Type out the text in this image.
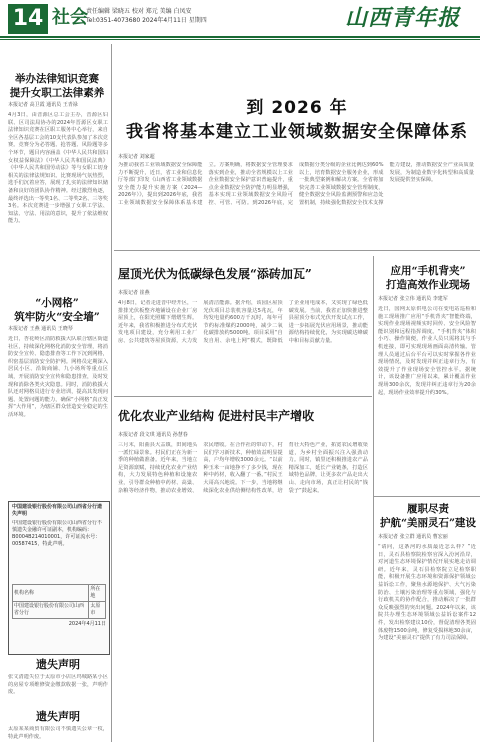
14 社会
责任编辑 梁晓五 校对 郑元 美编 白凤安
Tel:0351-4073680 2024年4月11日 星期四	山西青年报
举办法律知识竞赛
提升女职工法律素养
本报记者 高卫霞 通讯员 王青禄

4月3日，由晋源区总工会主办，晋源区妇联、区司法局协办的2024年晋源区女职工法律知识竞赛在区职工服务中心举行，来自全区各基层工会的10支代表队参加了本次竞赛。竞赛分为必答题、抢答题、风险题等多个环节，题目内容涵盖《中华人民共和国妇女权益保障法》《中华人民共和国民法典》《中华人民共和国劳动法》等与女职工切身相关的法律法规知识。比赛现场气氛热烈，选手们沉着应答，展现了扎实的法律知识储备和良好的团队协作精神。经过激烈角逐，最终评选出一等奖1名、二等奖2名、三等奖3名。本次竞赛进一步增强了女职工学法、知法、守法、用法的意识，提升了依法维权能力。

“小网格”
筑牢防火“安全墙”
本报记者 王燕 通讯员 王晓琴

近日，杏花岭区消防救援大队联合辖区街道社区，持续深化网格化消防安全管理，将消防安全宣传、隐患排查等工作下沉到网格，织密基层消防安全防护网。网格员定期深入居民小区、沿街商铺、九小场所等重点区域，开展消防安全宣传和隐患排查，及时发现和消除各类火灾隐患。同时，消防救援大队还对网格员进行专业培训，提高其发现问题、处置问题的能力，确保“小网格”真正发挥“大作用”，为辖区群众营造安全稳定的生活环境。

中国建设银行股份有限公司山西省分行遗失声明
中国建设银行股份有限公司山西省分行不慎遗失金融许可证副本，机构编码：B0004B214010001，许可证流水号：00587415，特此声明。
机构名称	所在地
中国建设银行股份有限公司山西省分行	太原市
2024年4月11日
遗失声明

张文清遗失位于太原市小店区坞城路某小区的房屋专项维修资金缴款收据一张，声明作废。

遗失声明

太原某某商贸有限公司不慎遗失公章一枚，特此声明作废。

到 2026 年
我省将基本建立工业领域数据安全保障体系
本报记者 刘家超

为推动我省工业领域数据安全保障能力不断提升，近日，省工业和信息化厅等部门印发《山西省工业领域数据安全能力提升实施方案（2024—2026年）》，提出到2026年底，我省工业领域数据安全保障体系基本建立。方案明确，将数据安全管理要求落实到企业，推动全省规模以上工业企业数据安全保护意识普遍提升，重点企业数据安全防护能力明显增强，基本实现工业领域数据安全风险可控、可管、可防。到2026年底，完成数据分类分级的企业比例达到60%以上，培育数据安全服务企业，形成一批典型案例和解决方案。全省将加快完善工业领域数据安全管理制度，健全数据安全风险监测预警和应急处置机制，持续强化数据安全技术支撑能力建设，推动数据安全产业高质量发展，为制造业数字化转型和高质量发展提供坚实保障。

屋顶光伏为低碳绿色发展“添砖加瓦”
本报记者 崔燕

4月8日，记者走进晋中经开区，一排排光伏板整齐地铺设在企业厂房屋顶上，在阳光照耀下熠熠生辉。近年来，我省积极推进分布式光伏发电项目建设，充分利用工业厂房、公共建筑等屋顶资源，大力发展清洁能源。据介绍，该园区屋顶光伏项目总装机容量达5兆瓦，年均发电量约600万千瓦时，每年可节约标准煤约2000吨，减少二氧化碳排放约5000吨。项目采用“自发自用、余电上网”模式，既降低了企业用电成本，又实现了绿色低碳发展。当前，我省正加快推进整县屋顶分布式光伏开发试点工作，进一步拓展光伏应用场景，推动能源结构持续优化，为实现碳达峰碳中和目标贡献力量。

应用“手机背夹”
打造高效作业现场
本报记者 张立伟 通讯员 李建军

近日，国网太原供电公司在变电站巡检和施工现场推广应用“手机背夹”智能终端，实现作业现场视频实时回传、安全风险智能识别和远程指挥调度。“手机背夹”体积小巧、操作简便，作业人员只需将其与手机连接，即可实现现场画面高清传输。管理人员通过后台平台可以实时掌握各作业现场情况，及时发现并纠正违章行为，有效提升了作业现场安全管控水平。据统计，该设备推广应用以来，累计覆盖作业现场300余次，发现并纠正违章行为20余起，现场作业效率提升约30%。

优化农业产业结构 促进村民丰产增收
本报记者 段文琪 通讯员 孙慧春

三月末，阳曲县大盂镇，田间地头一派忙碌景象。村民们正在为新一季的种植做准备。近年来，当地立足资源禀赋，持续优化农业产业结构，大力发展特色种植和设施农业，引导群众种植中药材、高粱、杂粮等经济作物，推动农业增效、农民增收。在合作社的带动下，村民们学习新技术，种植效益明显提高，户均年增收3000余元。“以前种玉米一亩地挣不了多少钱，现在种中药材，收入翻了一番。”村民王大哥高兴地说。下一步，当地将继续深化农业供给侧结构性改革，培育壮大特色产业，拓宽农民增收渠道，为乡村全面振兴注入强劲动力。同时，镇里还积极推进农产品精深加工，延长产业链条，打造区域特色品牌，让更多农产品走出大山、走向市场，真正让村民的“钱袋子”鼓起来。

履职尽责
护航“美丽灵石”建设
本报记者 张立群 通讯员 曹宏丽

“请问，这条河的水质最近怎么样？”近日，灵石县检察院检察官深入汾河沿岸，对河道生态环境保护情况开展实地走访调研。近年来，灵石县检察院立足检察职能，积极开展生态环境和资源保护领域公益诉讼工作，聚焦水源地保护、大气污染防治、土壤污染治理等重点领域，强化与行政机关的协作配合，推动解决了一批群众反映强烈的突出问题。2024年以来，该院共办理生态环境领域公益诉讼案件12件，发出检察建议10份，督促清理各类固体废物1500余吨，修复受损林地30余亩，为建设“美丽灵石”提供了有力司法保障。
